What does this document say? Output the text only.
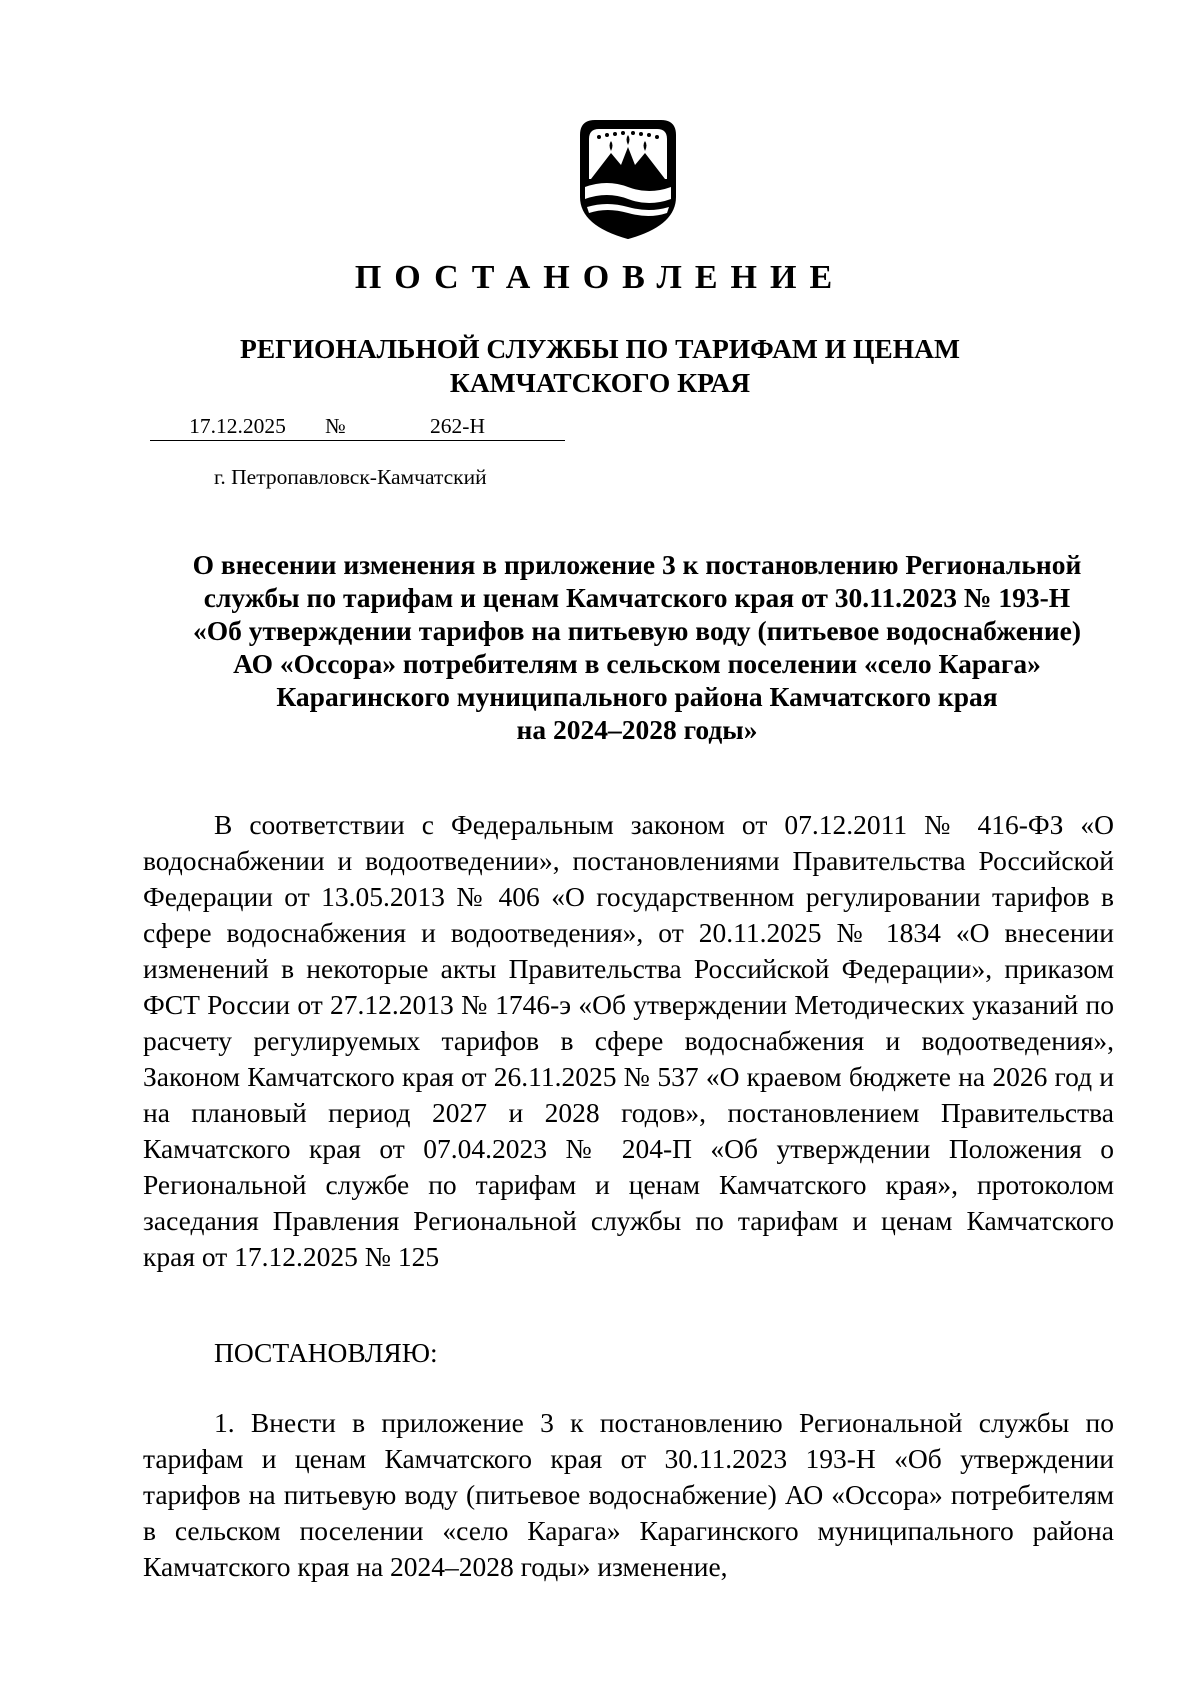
ПОСТАНОВЛЕНИЕ
РЕГИОНАЛЬНОЙ СЛУЖБЫ ПО ТАРИФАМ И ЦЕНАМ
КАМЧАТСКОГО КРАЯ
17.12.2025	№	262-Н
г. Петропавловск-Камчатский
О внесении изменения в приложение 3 к постановлению Региональной
службы по тарифам и ценам Камчатского края от 30.11.2023 № 193-Н
«Об утверждении тарифов на питьевую воду (питьевое водоснабжение)
АО «Оссора» потребителям в сельском поселении «село Карага»
Карагинского муниципального района Камчатского края
на 2024–2028 годы»
В соответствии с Федеральным законом от 07.12.2011 № 416-ФЗ «О водоснабжении и водоотведении», постановлениями Правительства Российской Федерации от 13.05.2013 № 406 «О государственном регулировании тарифов в сфере водоснабжения и водоотведения», от 20.11.2025 № 1834 «О внесении изменений в некоторые акты Правительства Российской Федерации», приказом ФСТ России от 27.12.2013 № 1746-э «Об утверждении Методических указаний по расчету регулируемых тарифов в сфере водоснабжения и водоотведения», Законом Камчатского края от 26.11.2025 № 537 «О краевом бюджете на 2026 год и на плановый период 2027 и 2028 годов», постановлением Правительства Камчатского края от 07.04.2023 № 204-П «Об утверждении Положения о Региональной службе по тарифам и ценам Камчатского края», протоколом заседания Правления Региональной службы по тарифам и ценам Камчатского края от 17.12.2025 № 125
ПОСТАНОВЛЯЮ:
1. Внести в приложение 3 к постановлению Региональной службы по тарифам и ценам Камчатского края от 30.11.2023 193-Н «Об утверждении тарифов на питьевую воду (питьевое водоснабжение) АО «Оссора» потребителям в сельском поселении «село Карага» Карагинского муниципального района Камчатского края на 2024–2028 годы» изменение,
